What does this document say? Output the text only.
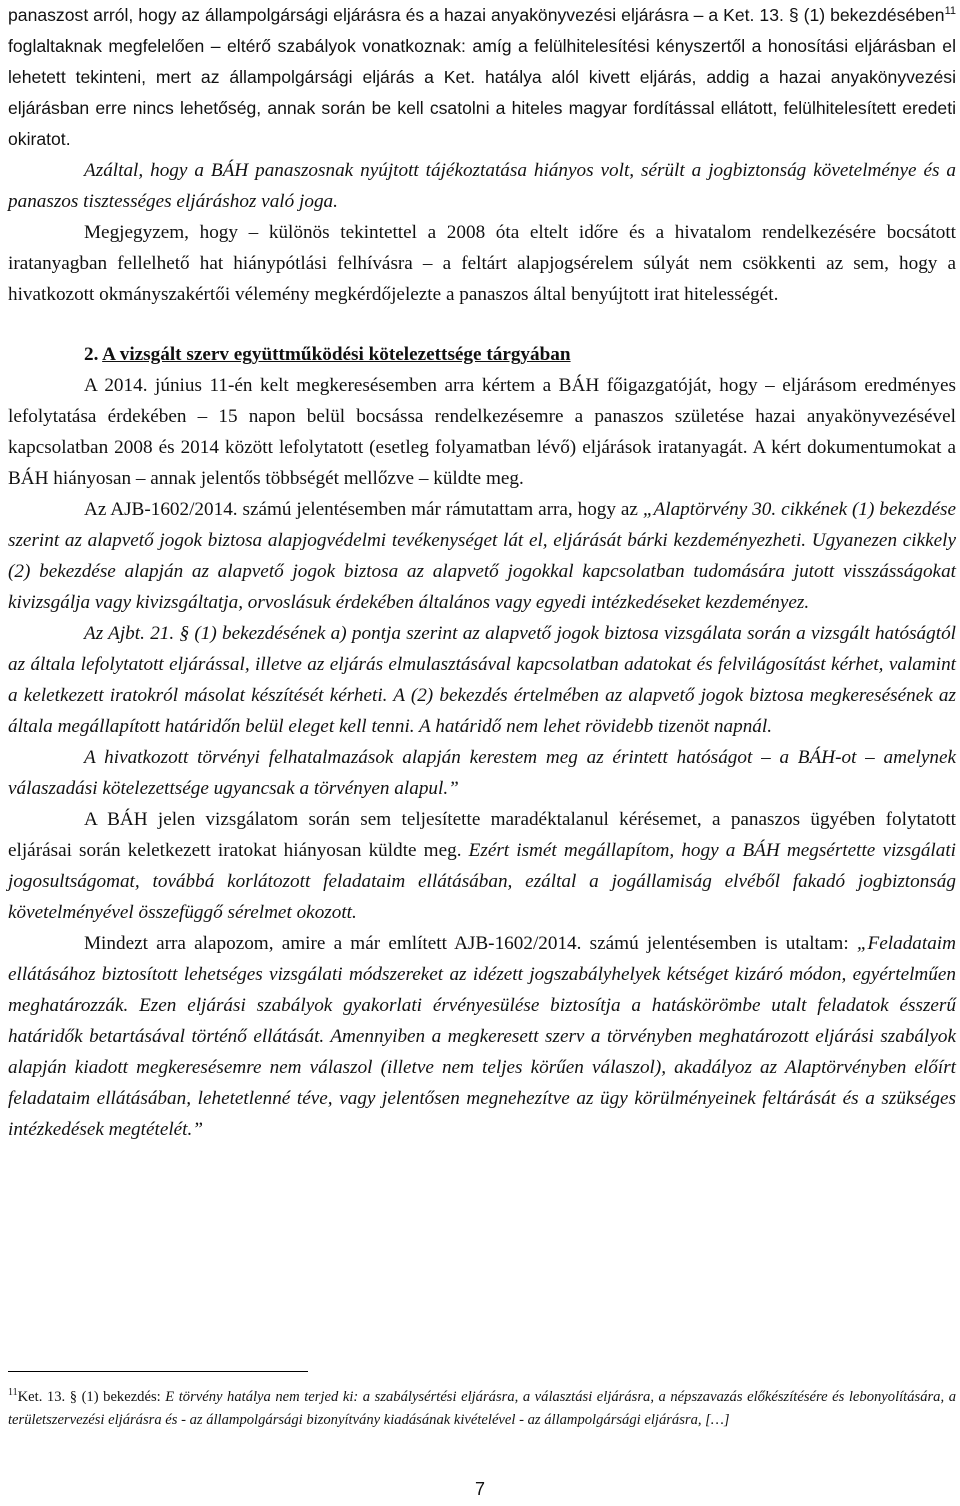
panaszost arról, hogy az állampolgársági eljárásra és a hazai anyakönyvezési eljárásra – a Ket. 13. § (1) bekezdésében$^{11}$ foglaltaknak megfelelően – eltérő szabályok vonatkoznak: amíg a felülhitelesítési kényszertől a honosítási eljárásban el lehetett tekinteni, mert az állampolgársági eljárás a Ket. hatálya alól kivett eljárás, addig a hazai anyakönyvezési eljárásban erre nincs lehetőség, annak során be kell csatolni a hiteles magyar fordítással ellátott, felülhitelesített eredeti okiratot.

Azáltal, hogy a BÁH panaszosnak nyújtott tájékoztatása hiányos volt, sérült a jogbiztonság követelménye és a panaszos tisztességes eljáráshoz való joga.

Megjegyzem, hogy – különös tekintettel a 2008 óta eltelt időre és a hivatalom rendelkezésére bocsátott iratanyagban fellelhető hat hiánypótlási felhívásra – a feltárt alapjogsérelem súlyát nem csökkenti az sem, hogy a hivatkozott okmányszakértői vélemény megkérdőjelezte a panaszos által benyújtott irat hitelességét.

2. A vizsgált szerv együttműködési kötelezettsége tárgyában

A 2014. június 11-én kelt megkeresésemben arra kértem a BÁH főigazgatóját, hogy – eljárásom eredményes lefolytatása érdekében – 15 napon belül bocsássa rendelkezésemre a panaszos születése hazai anyakönyvezésével kapcsolatban 2008 és 2014 között lefolytatott (esetleg folyamatban lévő) eljárások iratanyagát. A kért dokumentumokat a BÁH hiányosan – annak jelentős többségét mellőzve – küldte meg.

Az AJB-1602/2014. számú jelentésemben már rámutattam arra, hogy az „Alaptörvény 30. cikkének (1) bekezdése szerint az alapvető jogok biztosa alapjogvédelmi tevékenységet lát el, eljárását bárki kezdeményezheti. Ugyanezen cikkely (2) bekezdése alapján az alapvető jogok biztosa az alapvető jogokkal kapcsolatban tudomására jutott visszásságokat kivizsgálja vagy kivizsgáltatja, orvoslásuk érdekében általános vagy egyedi intézkedéseket kezdeményez.

Az Ajbt. 21. § (1) bekezdésének a) pontja szerint az alapvető jogok biztosa vizsgálata során a vizsgált hatóságtól az általa lefolytatott eljárással, illetve az eljárás elmulasztásával kapcsolatban adatokat és felvilágosítást kérhet, valamint a keletkezett iratokról másolat készítését kérheti. A (2) bekezdés értelmében az alapvető jogok biztosa megkeresésének az általa megállapított határidőn belül eleget kell tenni. A határidő nem lehet rövidebb tizenöt napnál.

A hivatkozott törvényi felhatalmazások alapján kerestem meg az érintett hatóságot – a BÁH-ot – amelynek válaszadási kötelezettsége ugyancsak a törvényen alapul.”

A BÁH jelen vizsgálatom során sem teljesítette maradéktalanul kérésemet, a panaszos ügyében folytatott eljárásai során keletkezett iratokat hiányosan küldte meg. Ezért ismét megállapítom, hogy a BÁH megsértette vizsgálati jogosultságomat, továbbá korlátozott feladataim ellátásában, ezáltal a jogállamiság elvéből fakadó jogbiztonság követelményével összefüggő sérelmet okozott.

Mindezt arra alapozom, amire a már említett AJB-1602/2014. számú jelentésemben is utaltam: „Feladataim ellátásához biztosított lehetséges vizsgálati módszereket az idézett jogszabályhelyek kétséget kizáró módon, egyértelműen meghatározzák. Ezen eljárási szabályok gyakorlati érvényesülése biztosítja a hatáskörömbe utalt feladatok ésszerű határidők betartásával történő ellátását. Amennyiben a megkeresett szerv a törvényben meghatározott eljárási szabályok alapján kiadott megkeresésemre nem válaszol (illetve nem teljes körűen válaszol), akadályoz az Alaptörvényben előírt feladataim ellátásában, lehetetlenné téve, vagy jelentősen megnehezítve az ügy körülményeinek feltárását és a szükséges intézkedések megtételét.”

$^{11}$Ket. 13. § (1) bekezdés: E törvény hatálya nem terjed ki: a szabálysértési eljárásra, a választási eljárásra, a népszavazás előkészítésére és lebonyolítására, a területszervezési eljárásra és - az állampolgársági bizonyítvány kiadásának kivételével - az állampolgársági eljárásra, […]

7
